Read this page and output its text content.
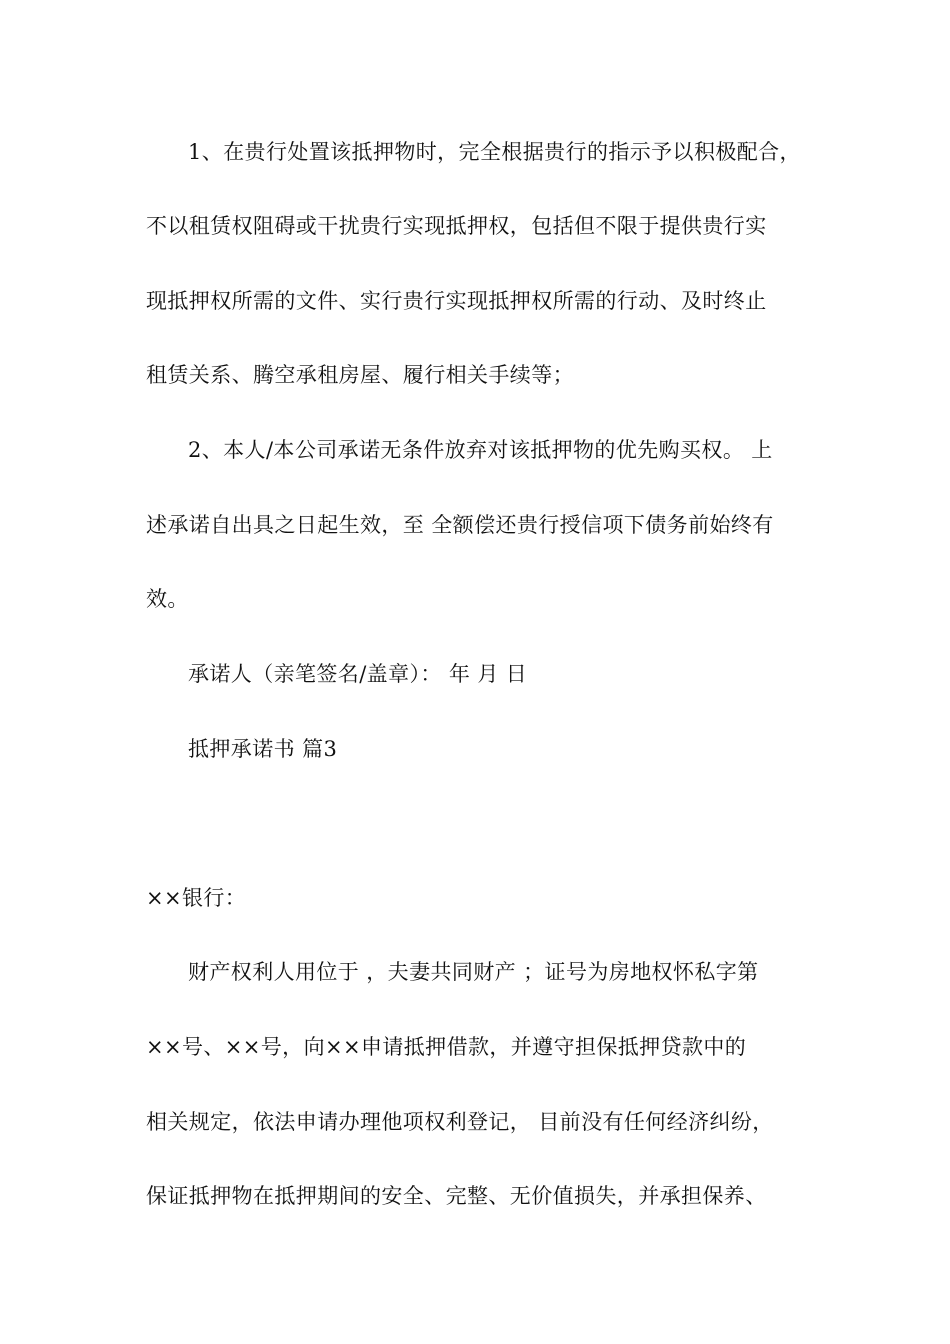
1、在贵行处置该抵押物时，完全根据贵行的指示予以积极配合，
不以租赁权阻碍或干扰贵行实现抵押权，包括但不限于提供贵行实
现抵押权所需的文件、实行贵行实现抵押权所需的行动、及时终止
租赁关系、腾空承租房屋、履行相关手续等；
2、本人/本公司承诺无条件放弃对该抵押物的优先购买权。 上
述承诺自出具之日起生效，至 全额偿还贵行授信项下债务前始终有
效。
承诺人（亲笔签名/盖章）： 年 月 日
抵押承诺书 篇3
××银行：
财产权利人用位于 ，夫妻共同财产 ；证号为房地权怀私字第
××号、××号，向××申请抵押借款，并遵守担保抵押贷款中的
相关规定，依法申请办理他项权利登记， 目前没有任何经济纠纷，
保证抵押物在抵押期间的安全、完整、无价值损失，并承担保养、
